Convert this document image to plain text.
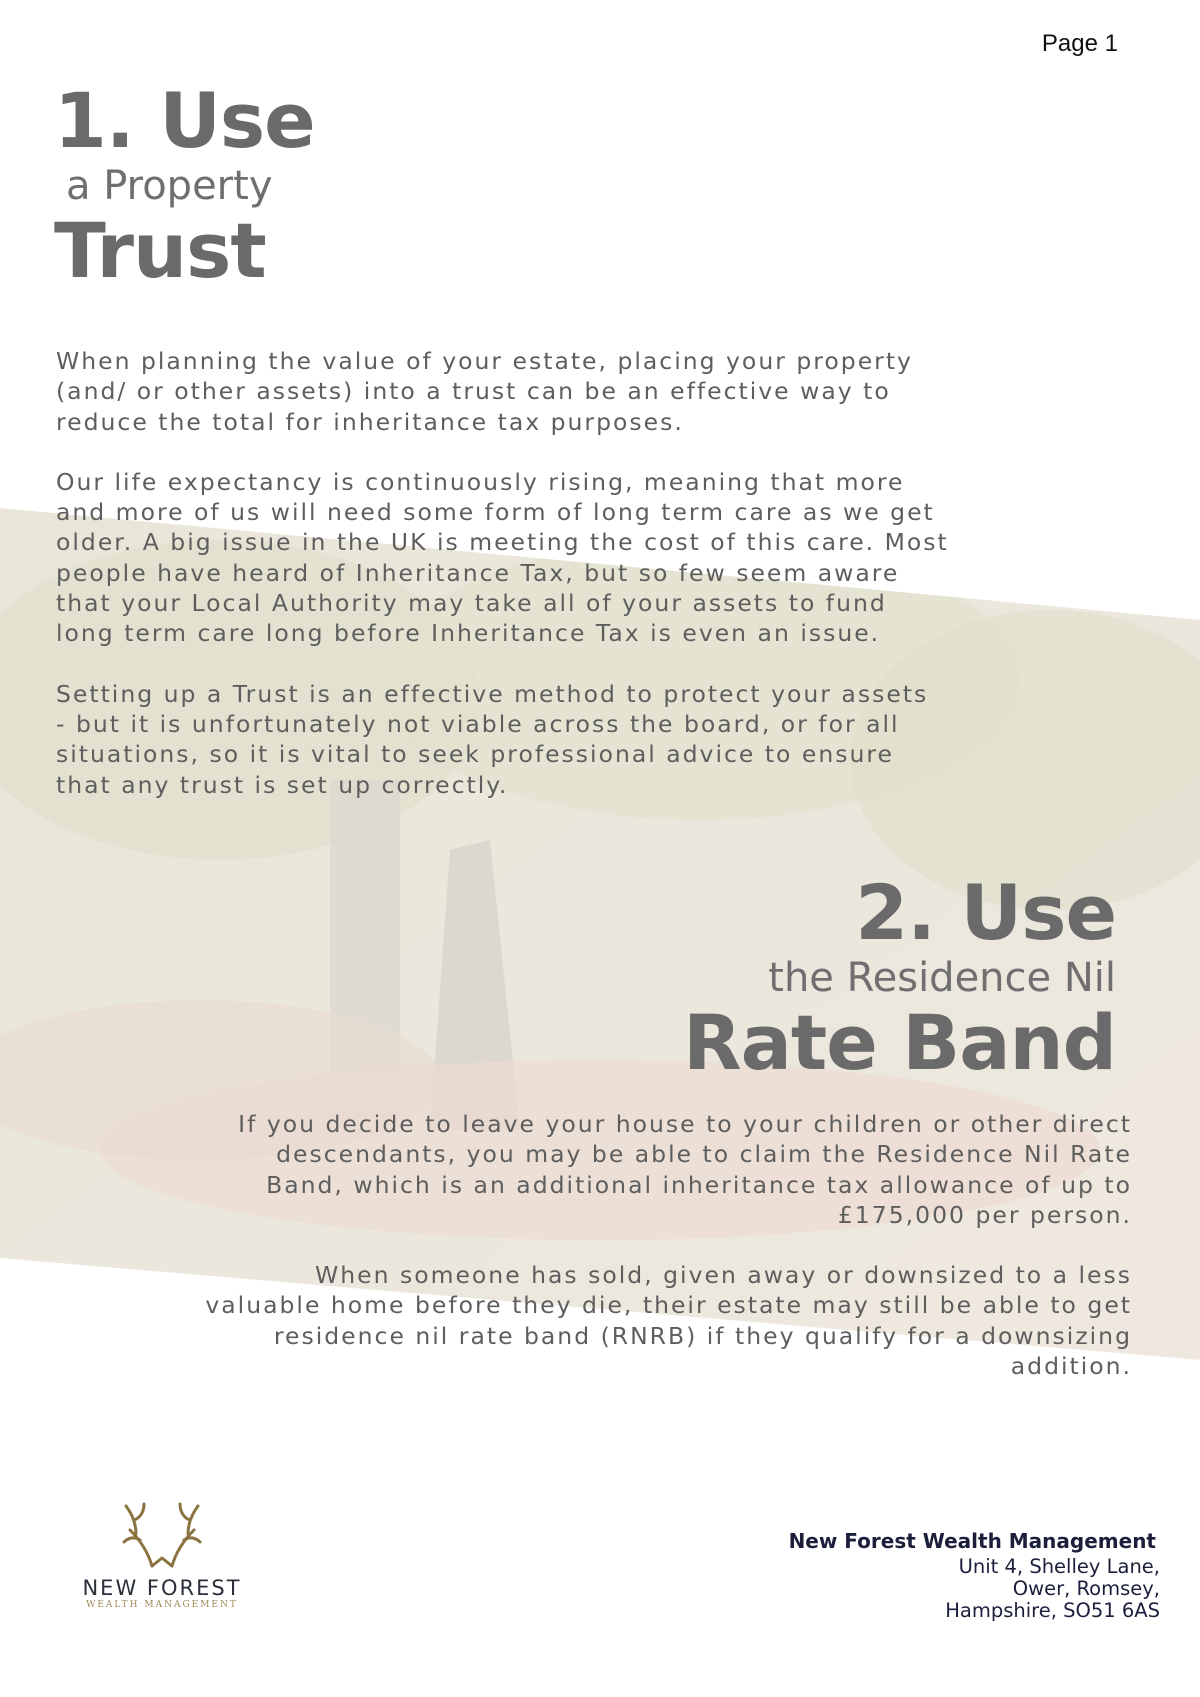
Page 1
1. Use
a Property
Trust

When planning the value of your estate, placing your property
(and/ or other assets) into a trust can be an effective way to
reduce the total for inheritance tax purposes.

Our life expectancy is continuously rising, meaning that more
and more of us will need some form of long term care as we get
older. A big issue in the UK is meeting the cost of this care. Most
people have heard of Inheritance Tax, but so few seem aware
that your Local Authority may take all of your assets to fund
long term care long before Inheritance Tax is even an issue.

Setting up a Trust is an effective method to protect your assets
- but it is unfortunately not viable across the board, or for all
situations, so it is vital to seek professional advice to ensure
that any trust is set up correctly.

2. Use
the Residence Nil
Rate Band

If you decide to leave your house to your children or other direct
descendants, you may be able to claim the Residence Nil Rate
Band, which is an additional inheritance tax allowance of up to
£175,000 per person.

When someone has sold, given away or downsized to a less
valuable home before they die, their estate may still be able to get
residence nil rate band (RNRB) if they qualify for a downsizing
addition.

NEW FOREST
WEALTH MANAGEMENT
New Forest Wealth Management
Unit 4, Shelley Lane,
Ower, Romsey,
Hampshire, SO51 6AS
